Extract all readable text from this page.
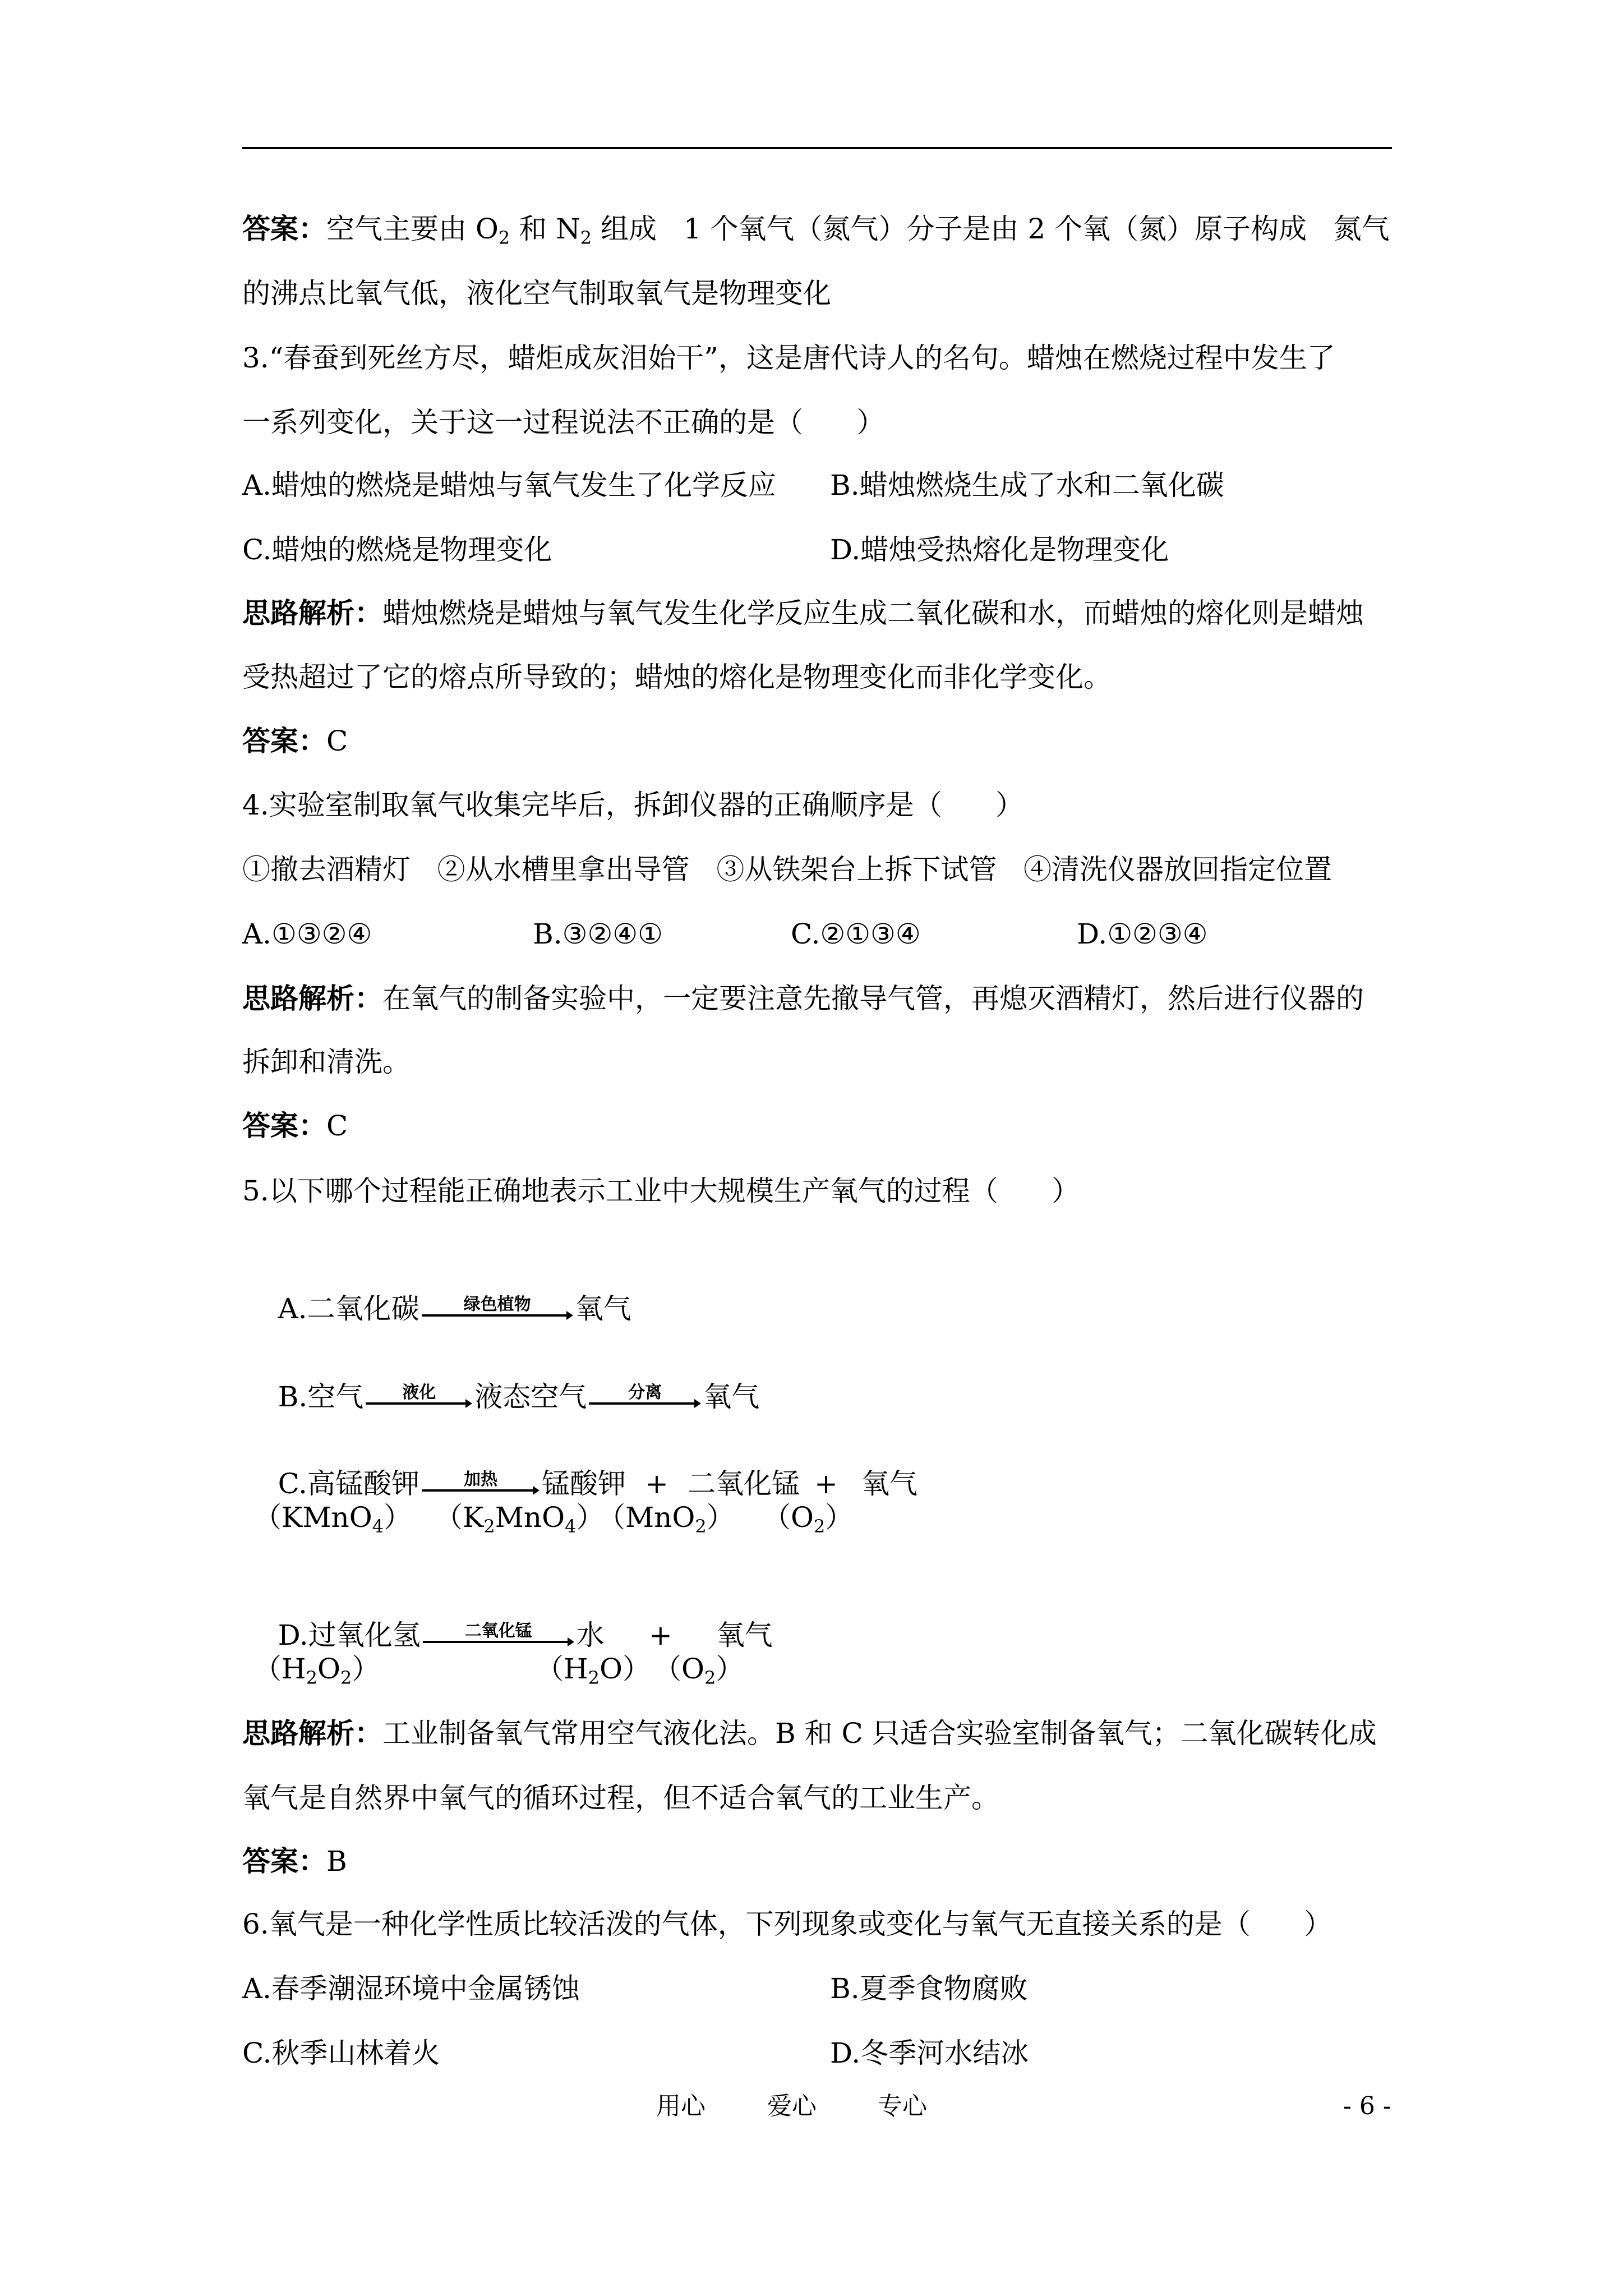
答案：空气主要由 $O_2$ 和 $N_2$ 组成   1 个氧气（氮气）分子是由 2 个氧（氮）原子构成   氮气
的沸点比氧气低，液化空气制取氧气是物理变化
3.“春蚕到死丝方尽，蜡炬成灰泪始干”，这是唐代诗人的名句。蜡烛在燃烧过程中发生了
一系列变化，关于这一过程说法不正确的是（      ）
A.蜡烛的燃烧是蜡烛与氧气发生了化学反应 B.蜡烛燃烧生成了水和二氧化碳
C.蜡烛的燃烧是物理变化	D.蜡烛受热熔化是物理变化
思路解析：蜡烛燃烧是蜡烛与氧气发生化学反应生成二氧化碳和水，而蜡烛的熔化则是蜡烛
受热超过了它的熔点所导致的；蜡烛的熔化是物理变化而非化学变化。
答案：C
4.实验室制取氧气收集完毕后，拆卸仪器的正确顺序是（      ）
①撤去酒精灯   ②从水槽里拿出导管   ③从铁架台上拆下试管   ④清洗仪器放回指定位置
A.①③②④	B.③②④①	C.②①③④	D.①②③④
思路解析：在氧气的制备实验中，一定要注意先撤导气管，再熄灭酒精灯，然后进行仪器的
拆卸和清洗。
答案：C
5.以下哪个过程能正确地表示工业中大规模生产氧气的过程（      ）

A.二氧化碳	绿色植物	氧气

B.空气	液化	液态空气	分离	氧气

C.高锰酸钾	加热	锰酸钾 + 二氧化锰 + 氧气

（KMnO$_4$） $(K_2MnO_4)$
（MnO$_2$） $(O_2)$

D.过氧化氢	二氧化锰	水 + 氧气

$(H_2O_2)$	$(H_2O)$ $(O_2)$
思路解析：工业制备氧气常用空气液化法。B 和 C 只适合实验室制备氧气；二氧化碳转化成
氧气是自然界中氧气的循环过程，但不适合氧气的工业生产。
答案：B
6.氧气是一种化学性质比较活泼的气体，下列现象或变化与氧气无直接关系的是（      ）
A.春季潮湿环境中金属锈蚀	B.夏季食物腐败
C.秋季山林着火	D.冬季河水结冰
用心	爱心 专心	- 6 -
